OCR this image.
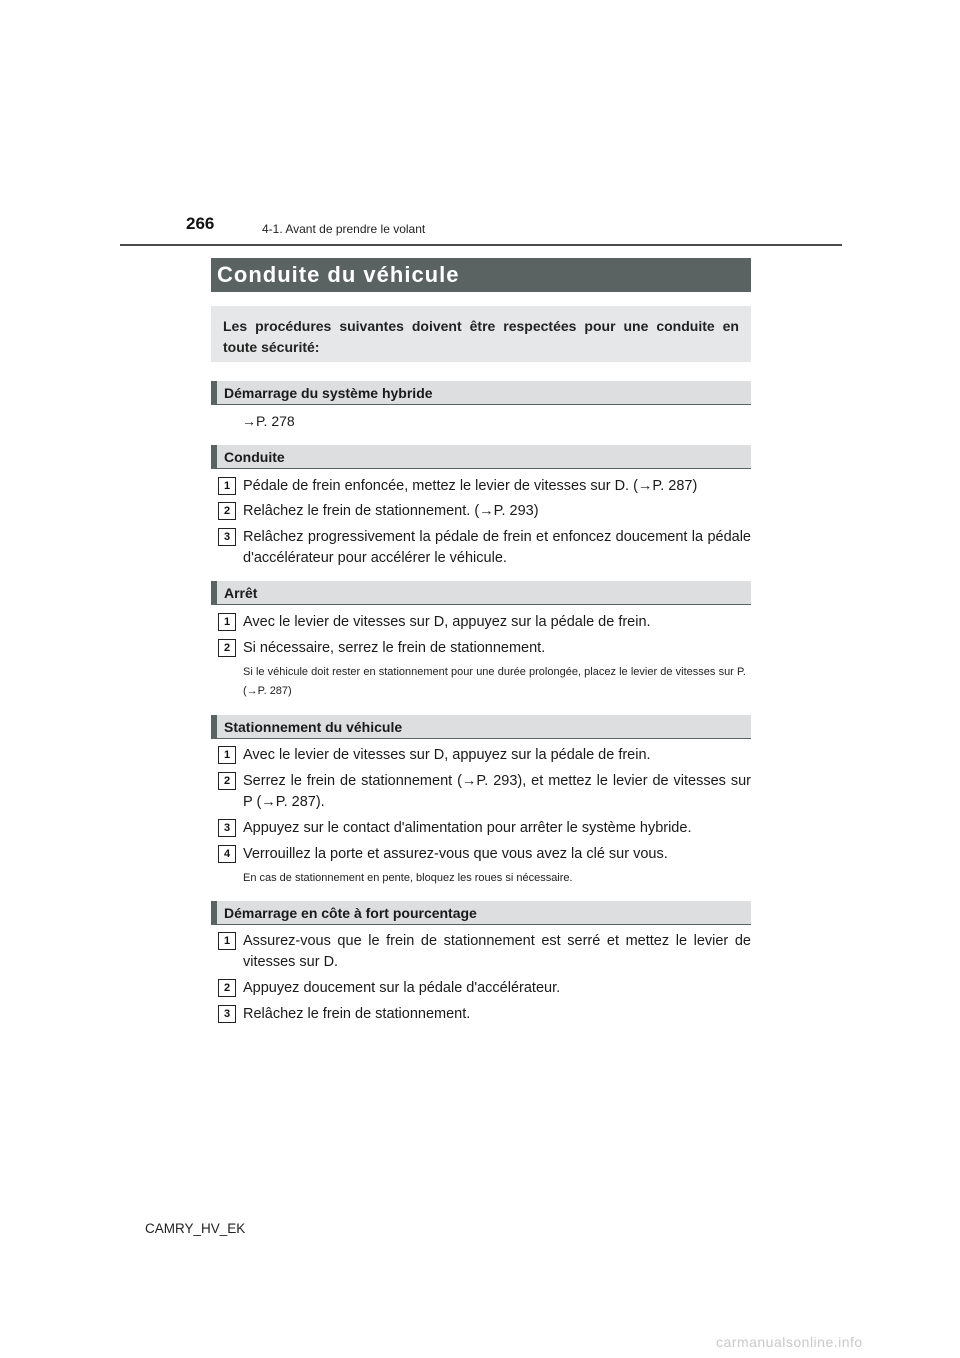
266	4-1. Avant de prendre le volant
Conduite du véhicule
Les procédures suivantes doivent être respectées pour une conduite en toute sécurité:
Démarrage du système hybride
→P. 278
Conduite
1 Pédale de frein enfoncée, mettez le levier de vitesses sur D. (→P. 287)
2 Relâchez le frein de stationnement. (→P. 293)
3 Relâchez progressivement la pédale de frein et enfoncez doucement la pédale d'accélérateur pour accélérer le véhicule.
Arrêt
1 Avec le levier de vitesses sur D, appuyez sur la pédale de frein.
2 Si nécessaire, serrez le frein de stationnement.
Si le véhicule doit rester en stationnement pour une durée prolongée, placez le levier de vitesses sur P. (→P. 287)
Stationnement du véhicule
1 Avec le levier de vitesses sur D, appuyez sur la pédale de frein.
2 Serrez le frein de stationnement (→P. 293), et mettez le levier de vitesses sur P (→P. 287).
3 Appuyez sur le contact d'alimentation pour arrêter le système hybride.
4 Verrouillez la porte et assurez-vous que vous avez la clé sur vous.
En cas de stationnement en pente, bloquez les roues si nécessaire.
Démarrage en côte à fort pourcentage
1 Assurez-vous que le frein de stationnement est serré et mettez le levier de vitesses sur D.
2 Appuyez doucement sur la pédale d'accélérateur.
3 Relâchez le frein de stationnement.
CAMRY_HV_EK
carmanualsonline.info
